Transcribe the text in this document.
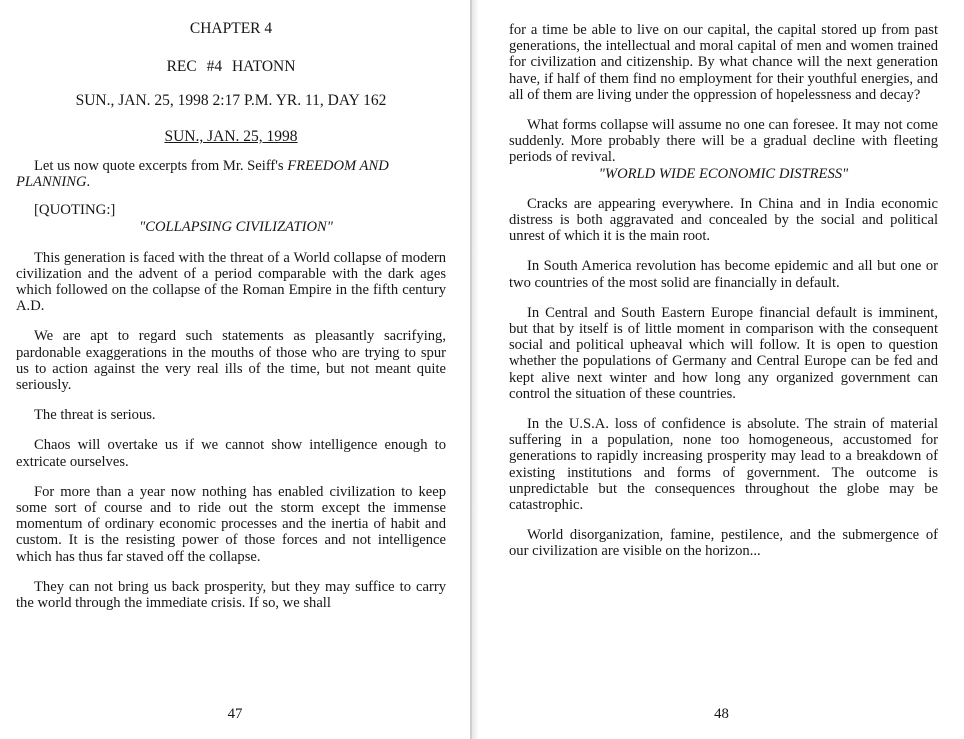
CHAPTER 4
REC #4 HATONN
SUN., JAN. 25, 1998 2:17 P.M. YR. 11, DAY 162
SUN., JAN. 25, 1998

Let us now quote excerpts from Mr. Seiff's FREEDOM AND PLANNING.

[QUOTING:]
"COLLAPSING CIVILIZATION"

This generation is faced with the threat of a World collapse of modern civilization and the advent of a period comparable with the dark ages which followed on the collapse of the Roman Empire in the fifth century A.D.

We are apt to regard such statements as pleasantly sacrifying, pardonable exaggerations in the mouths of those who are trying to spur us to action against the very real ills of the time, but not meant quite seriously.

The threat is serious.

Chaos will overtake us if we cannot show intelligence enough to extricate ourselves.

For more than a year now nothing has enabled civilization to keep some sort of course and to ride out the storm except the immense momentum of ordinary economic processes and the inertia of habit and custom. It is the resisting power of those forces and not intelligence which has thus far staved off the collapse.

They can not bring us back prosperity, but they may suffice to carry the world through the immediate crisis. If so, we shall

for a time be able to live on our capital, the capital stored up from past generations, the intellectual and moral capital of men and women trained for civilization and citizenship. By what chance will the next generation have, if half of them find no employment for their youthful energies, and all of them are living under the oppression of hopelessness and decay?

What forms collapse will assume no one can foresee. It may not come suddenly. More probably there will be a gradual decline with fleeting periods of revival.

"WORLD WIDE ECONOMIC DISTRESS"

Cracks are appearing everywhere. In China and in India economic distress is both aggravated and concealed by the social and political unrest of which it is the main root.

In South America revolution has become epidemic and all but one or two countries of the most solid are financially in default.

In Central and South Eastern Europe financial default is imminent, but that by itself is of little moment in comparison with the consequent social and political upheaval which will follow. It is open to question whether the populations of Germany and Central Europe can be fed and kept alive next winter and how long any organized government can control the situation of these countries.

In the U.S.A. loss of confidence is absolute. The strain of material suffering in a population, none too homogeneous, accustomed for generations to rapidly increasing prosperity may lead to a breakdown of existing institutions and forms of government. The outcome is unpredictable but the consequences throughout the globe may be catastrophic.

World disorganization, famine, pestilence, and the submergence of our civilization are visible on the horizon...

47	48
